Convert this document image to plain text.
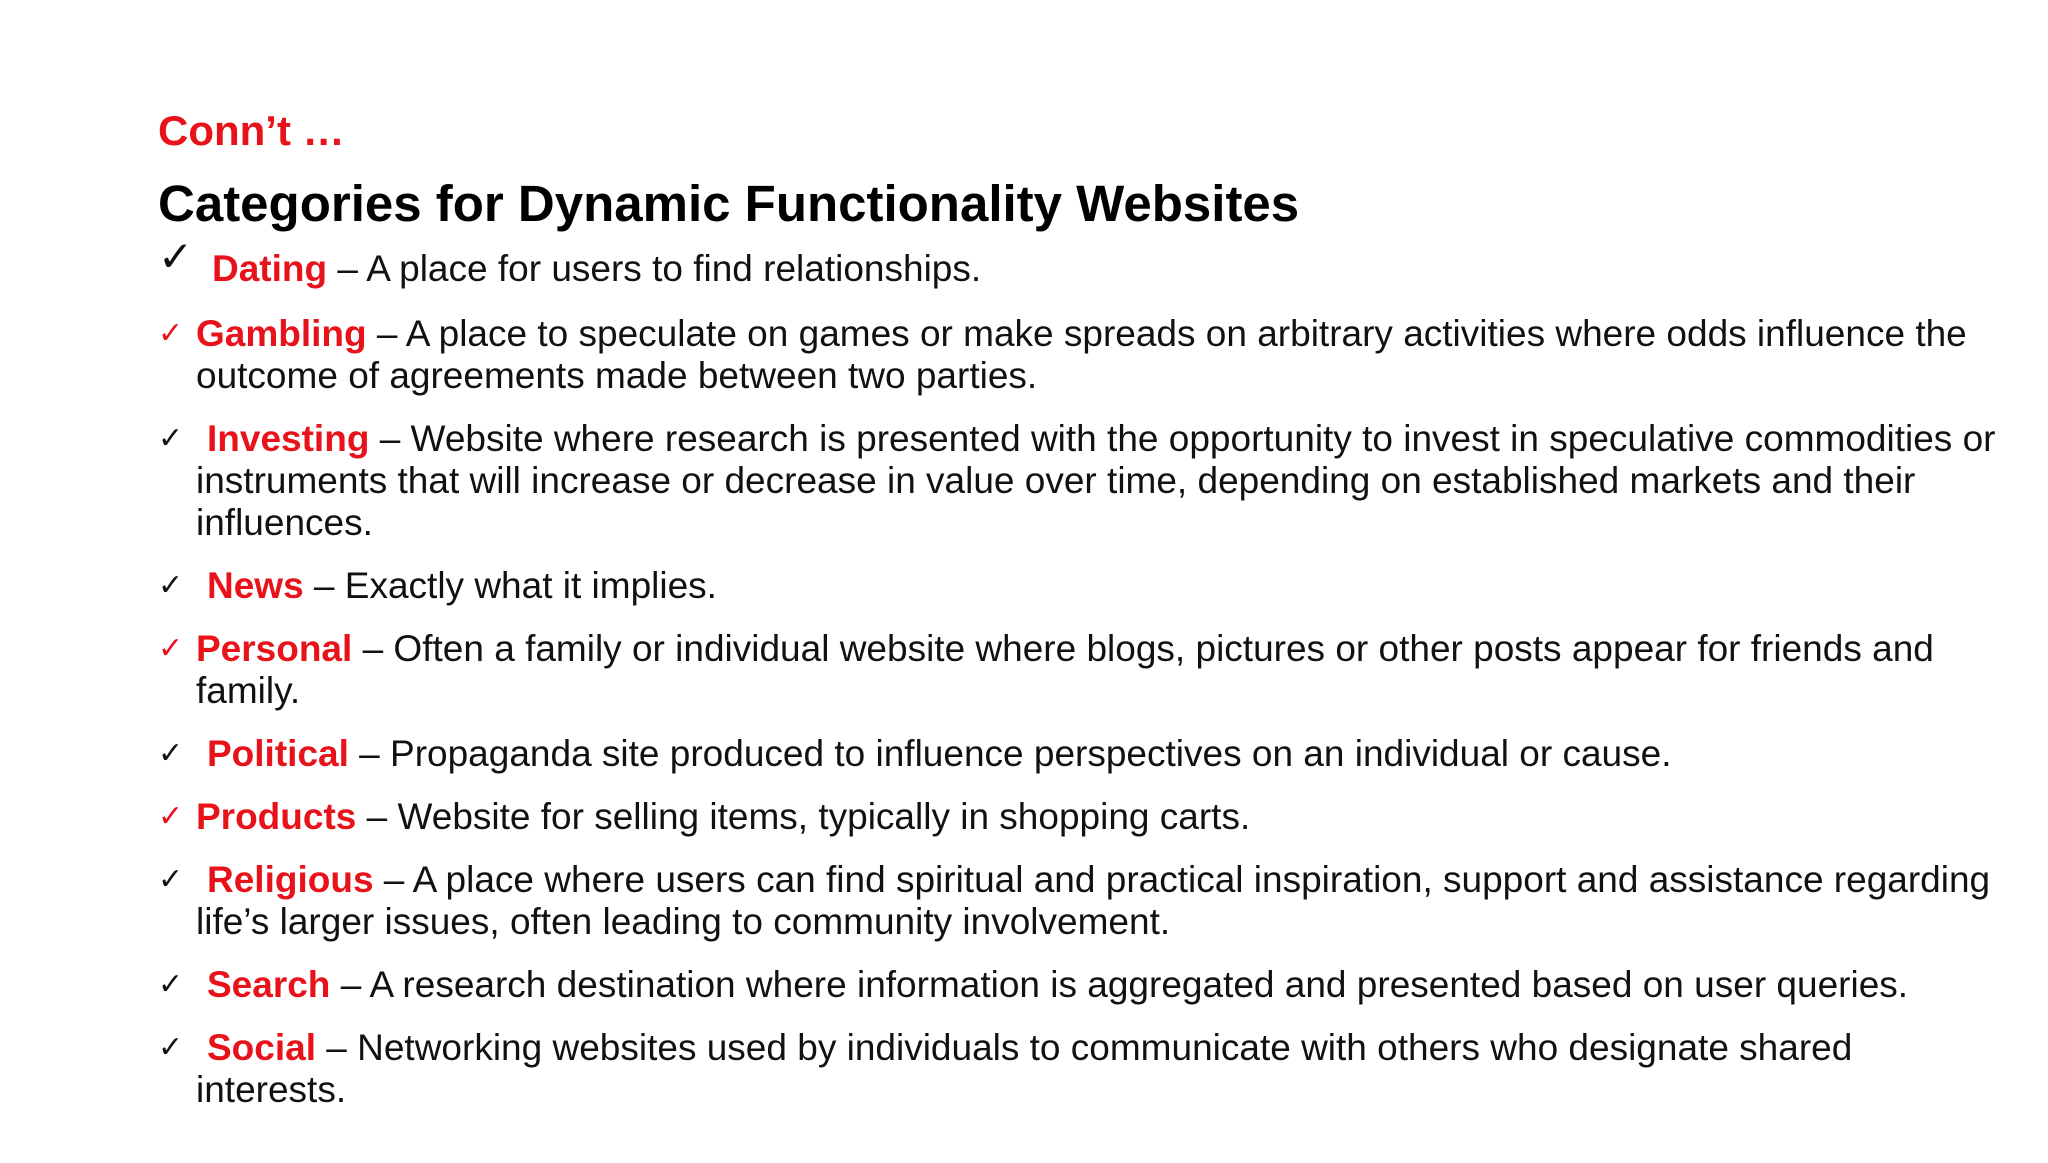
Conn’t …
Categories for Dynamic Functionality Websites
✓ Dating – A place for users to find relationships.
✓ Gambling – A place to speculate on games or make spreads on arbitrary activities where odds influence the outcome of agreements made between two parties.
✓ Investing – Website where research is presented with the opportunity to invest in speculative commodities or instruments that will increase or decrease in value over time, depending on established markets and their influences.
✓ News – Exactly what it implies.
✓ Personal – Often a family or individual website where blogs, pictures or other posts appear for friends and family.
✓ Political – Propaganda site produced to influence perspectives on an individual or cause.
✓ Products – Website for selling items, typically in shopping carts.
✓ Religious – A place where users can find spiritual and practical inspiration, support and assistance regarding life’s larger issues, often leading to community involvement.
✓ Search – A research destination where information is aggregated and presented based on user queries.
✓ Social – Networking websites used by individuals to communicate with others who designate shared interests.
